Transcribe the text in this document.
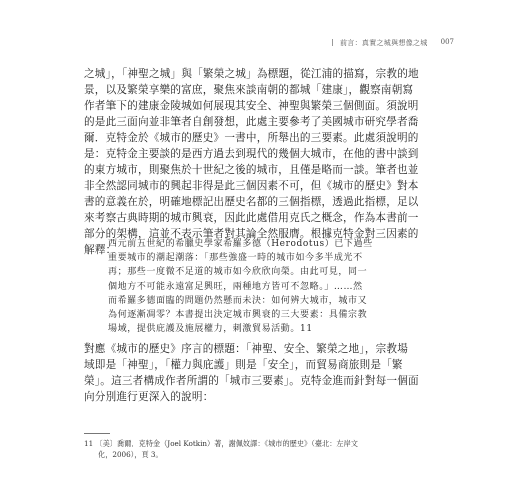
前言：真實之城與想像之城 007
之城」，「神聖之城」與「繁榮之城」為標題，從江浦的描寫，宗教的地
景，以及繁榮享樂的富庶，聚焦來談南朝的都城「建康」，觀察南朝寫
作者筆下的建康金陵城如何展現其安全、神聖與繁榮三個側面。須說明
的是此三面向並非筆者自創發想，此處主要參考了美國城市研究學者喬
爾．克特金於《城市的歷史》一書中，所舉出的三要素。此處須說明的
是：克特金主要談的是西方過去到現代的幾個大城市，在他的書中談到
的東方城市，則聚焦於十世紀之後的城市，且僅是略而一談。筆者也並
非全然認同城市的興起非得是此三個因素不可，但《城市的歷史》對本
書的意義在於，明確地標記出歷史名都的三個指標，透過此指標，足以
來考察古典時期的城市興衰，因此此處借用克氏之概念，作為本書前一
部分的架構，這並不表示筆者對其論全然服膺。根據克特金對三因素的
解釋：
西元前五世紀的希臘史學家希羅多德（Herodotus）已下過些
重要城市的潮起潮落：「那些強盛一時的城市如今多半成光不
再；那些一度微不足道的城市如今欣欣向榮。由此可見，同一
個地方不可能永遠富足興旺，兩種地方皆可不忽略。」……然
而希羅多德面臨的問題仍然懸而未決：如何辨大城市，城市又
為何逐漸凋零？本書提出決定城市興衰的三大要素：具備宗教
場域，提供庇護及施展權力，刺激貿易活動。11
對應《城市的歷史》序言的標題：「神聖、安全、繁榮之地」，宗教場
域即是「神聖」，「權力與庇護」則是「安全」，而貿易商旅則是「繁
榮」。這三者構成作者所謂的「城市三要素」。克特金進而針對每一個面
向分別進行更深入的說明：
11 〔美〕喬爾．克特金（Joel Kotkin）著，謝佩妏譯：《城市的歷史》（臺北：左岸文
化，2006），頁 3。
